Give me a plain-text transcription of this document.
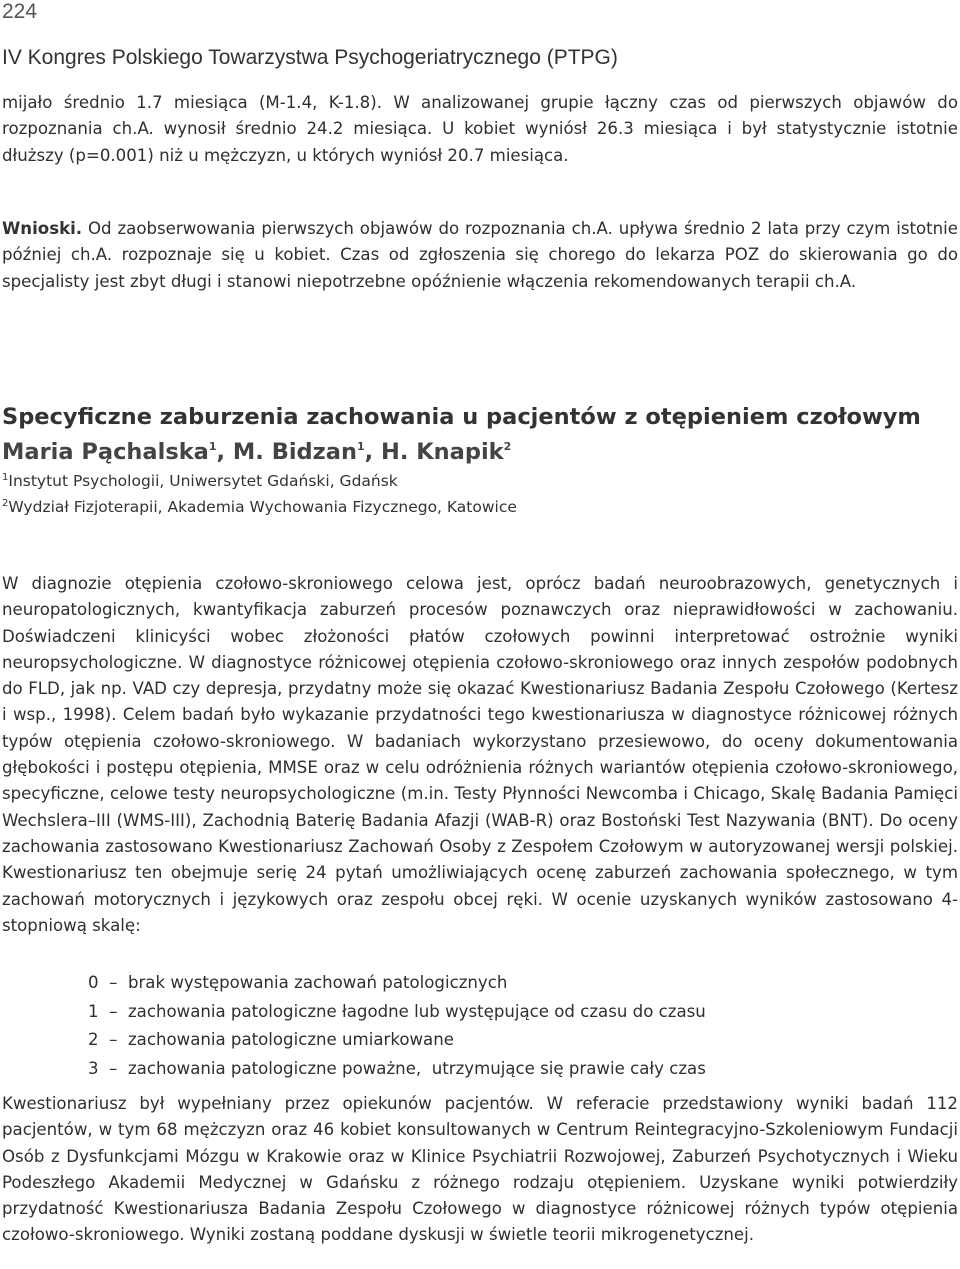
224
IV Kongres Polskiego Towarzystwa Psychogeriatrycznego (PTPG)
mijało średnio 1.7 miesiąca (M-1.4, K-1.8). W analizowanej grupie łączny czas od pierwszych objawów do rozpoznania ch.A. wynosił średnio 24.2 miesiąca. U kobiet wyniósł 26.3 miesiąca i był statystycznie istotnie dłuższy (p=0.001) niż u mężczyzn, u których wyniósł 20.7 miesiąca.
Wnioski. Od zaobserwowania pierwszych objawów do rozpoznania ch.A. upływa średnio 2 lata przy czym istotnie później ch.A. rozpoznaje się u kobiet. Czas od zgłoszenia się chorego do lekarza POZ do skierowania go do specjalisty jest zbyt długi i stanowi niepotrzebne opóźnienie włączenia rekomendowanych terapii ch.A.
Specyficzne zaburzenia zachowania u pacjentów z otępieniem czołowym
Maria Pąchalska$^1$, M. Bidzan$^1$, H. Knapik$^2$
$^1$Instytut Psychologii, Uniwersytet Gdański, Gdańsk
$^2$Wydział Fizjoterapii, Akademia Wychowania Fizycznego, Katowice
W diagnozie otępienia czołowo-skroniowego celowa jest, oprócz badań neuroobrazowych, genetycznych i neuropatologicznych, kwantyfikacja zaburzeń procesów poznawczych oraz nieprawidłowości w zachowaniu. Doświadczeni klinicyści wobec złożoności płatów czołowych powinni interpretować ostrożnie wyniki neuropsychologiczne. W diagnostyce różnicowej otępienia czołowo-skroniowego oraz innych zespołów podobnych do FLD, jak np. VAD czy depresja, przydatny może się okazać Kwestionariusz Badania Zespołu Czołowego (Kertesz i wsp., 1998). Celem badań było wykazanie przydatności tego kwestionariusza w diagnostyce różnicowej różnych typów otępienia czołowo-skroniowego. W badaniach wykorzystano przesiewowo, do oceny dokumentowania głębokości i postępu otępienia, MMSE oraz w celu odróżnienia różnych wariantów otępienia czołowo-skroniowego, specyficzne, celowe testy neuropsychologiczne (m.in. Testy Płynności Newcomba i Chicago, Skalę Badania Pamięci Wechslera–III (WMS-III), Zachodnią Baterię Badania Afazji (WAB-R) oraz Bostoński Test Nazywania (BNT). Do oceny zachowania zastosowano Kwestionariusz Zachowań Osoby z Zespołem Czołowym w autoryzowanej wersji polskiej. Kwestionariusz ten obejmuje serię 24 pytań umożliwiających ocenę zaburzeń zachowania społecznego, w tym zachowań motorycznych i językowych oraz zespołu obcej ręki. W ocenie uzyskanych wyników zastosowano 4-stopniową skalę:
0  –  brak występowania zachowań patologicznych
1  –  zachowania patologiczne łagodne lub występujące od czasu do czasu
2  –  zachowania patologiczne umiarkowane
3  –  zachowania patologiczne poważne,  utrzymujące się prawie cały czas
Kwestionariusz był wypełniany przez opiekunów pacjentów. W referacie przedstawiony wyniki badań 112 pacjentów, w tym 68 mężczyzn oraz 46 kobiet konsultowanych w Centrum Reintegracyjno-Szkoleniowym Fundacji Osób z Dysfunkcjami Mózgu w Krakowie oraz w Klinice Psychiatrii Rozwojowej, Zaburzeń Psychotycznych i Wieku Podeszłego Akademii Medycznej w Gdańsku z różnego rodzaju otępieniem. Uzyskane wyniki potwierdziły przydatność Kwestionariusza Badania Zespołu Czołowego w diagnostyce różnicowej różnych typów otępienia czołowo-skroniowego. Wyniki zostaną poddane dyskusji w świetle teorii mikrogenetycznej.
